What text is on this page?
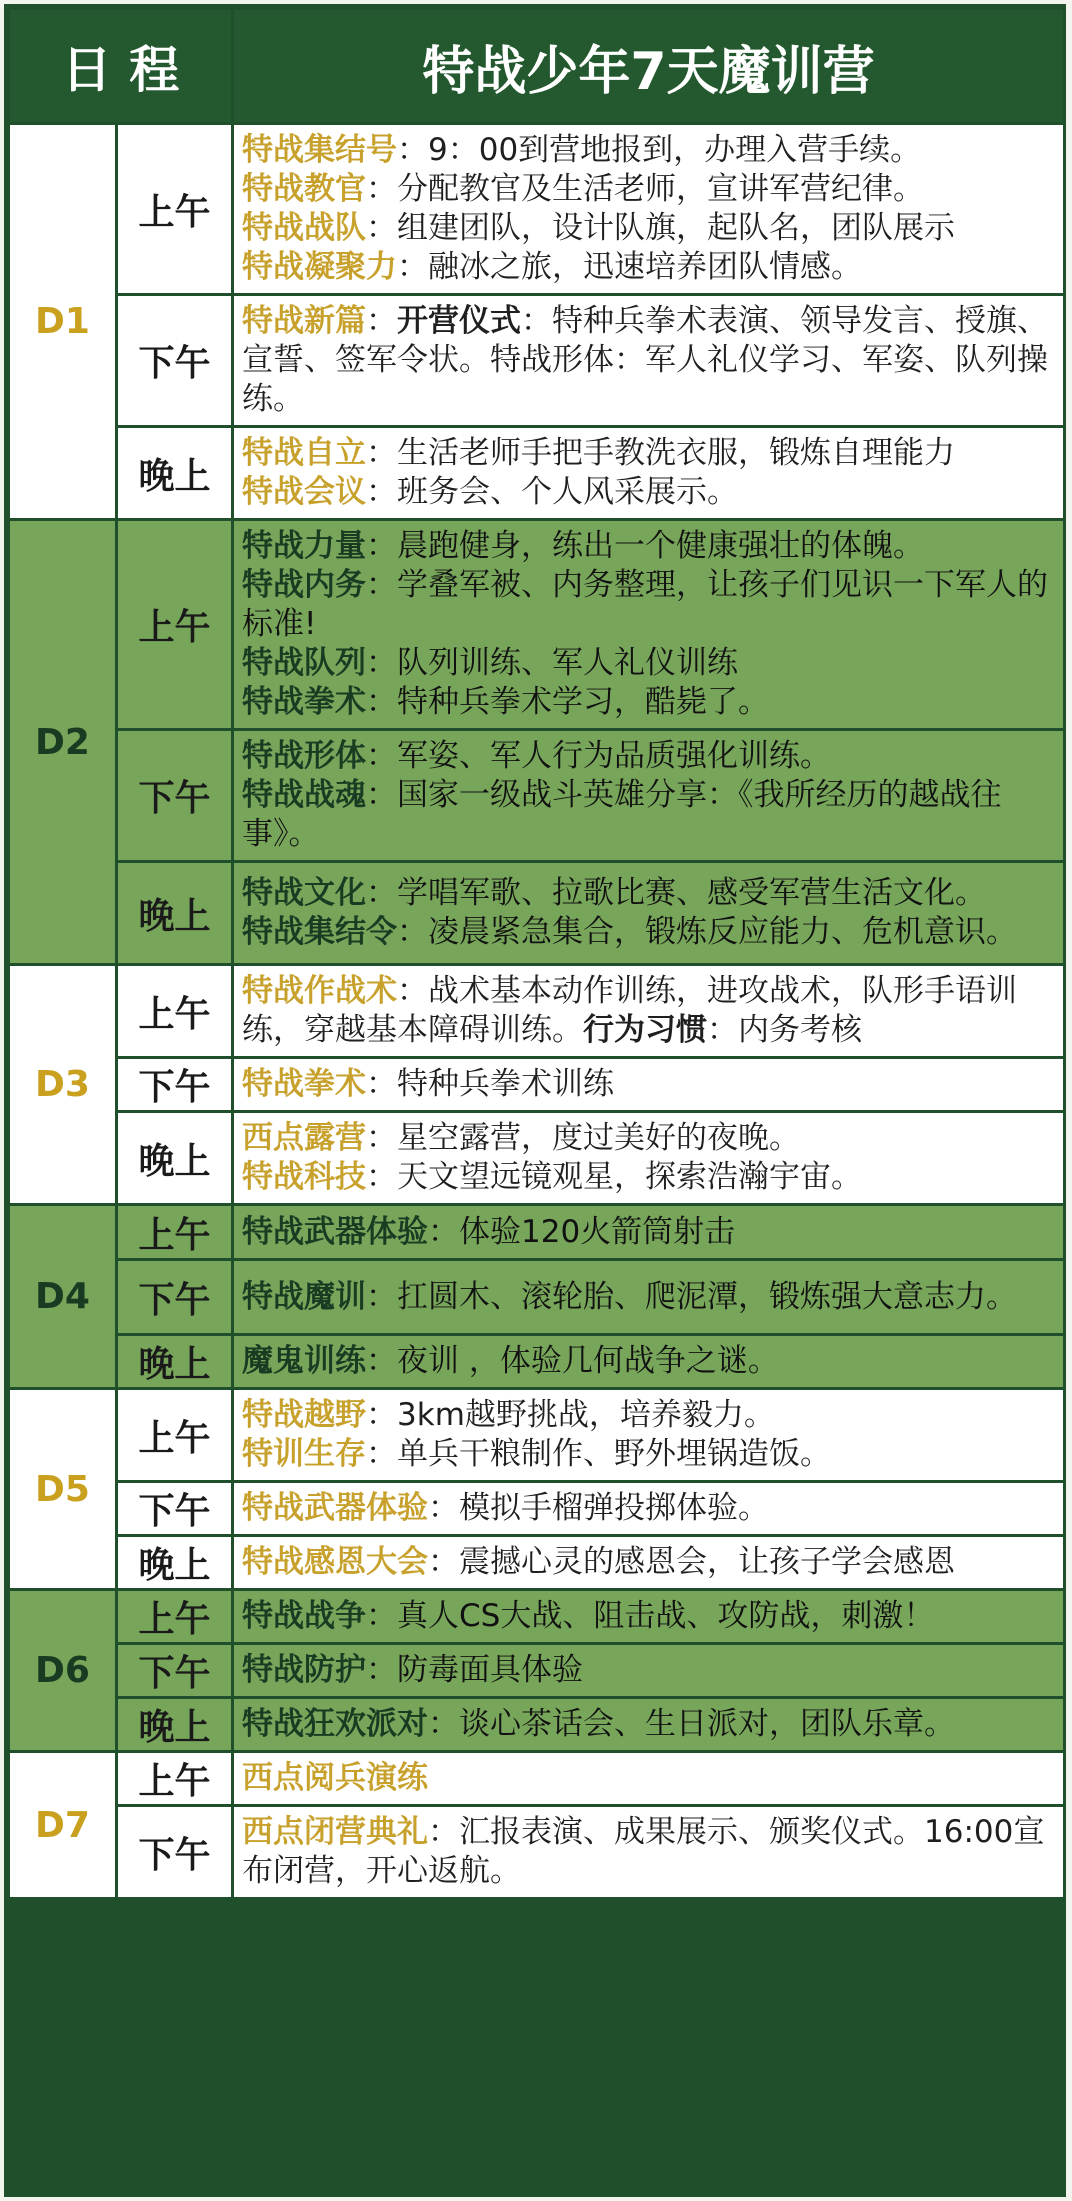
日 程		特战少年7天魔训营
D1	上午	特战集结号：9：00到营地报到，办理入营手续。
特战教官：分配教官及生活老师，宣讲军营纪律。
特战战队：组建团队，设计队旗，起队名，团队展示
特战凝聚力：融冰之旅，迅速培养团队情感。

	下午	特战新篇：开营仪式：特种兵拳术表演、领导发言、授旗、宣誓、签军令状。特战形体：军人礼仪学习、军姿、队列操练。

	晚上	特战自立：生活老师手把手教洗衣服，锻炼自理能力
特战会议：班务会、个人风采展示。

D2	上午	特战力量：晨跑健身，练出一个健康强壮的体魄。
特战内务：学叠军被、内务整理，让孩子们见识一下军人的标准!
特战队列：队列训练、军人礼仪训练
特战拳术：特种兵拳术学习，酷毙了。

	下午	特战形体：军姿、军人行为品质强化训练。
特战战魂：国家一级战斗英雄分享：《我所经历的越战往事》。

	晚上	特战文化：学唱军歌、拉歌比赛、感受军营生活文化。
特战集结令：凌晨紧急集合，锻炼反应能力、危机意识。

D3	上午	特战作战术：战术基本动作训练，进攻战术，队形手语训练，穿越基本障碍训练。行为习惯：内务考核

	下午	特战拳术：特种兵拳术训练

	晚上	西点露营：星空露营，度过美好的夜晚。
特战科技：天文望远镜观星，探索浩瀚宇宙。

D4	上午	特战武器体验：体验120火箭筒射击

	下午	特战魔训：扛圆木、滚轮胎、爬泥潭，锻炼强大意志力。

	晚上	魔鬼训练：夜训 ，体验几何战争之谜。

D5	上午	特战越野：3km越野挑战，培养毅力。
特训生存：单兵干粮制作、野外埋锅造饭。

	下午	特战武器体验：模拟手榴弹投掷体验。

	晚上	特战感恩大会：震撼心灵的感恩会，让孩子学会感恩

D6	上午	特战战争：真人CS大战、阻击战、攻防战，刺激！

	下午	特战防护：防毒面具体验

	晚上	特战狂欢派对：谈心茶话会、生日派对，团队乐章。

D7	上午	西点阅兵演练

	下午	西点闭营典礼：汇报表演、成果展示、颁奖仪式。16:00宣布闭营，开心返航。
